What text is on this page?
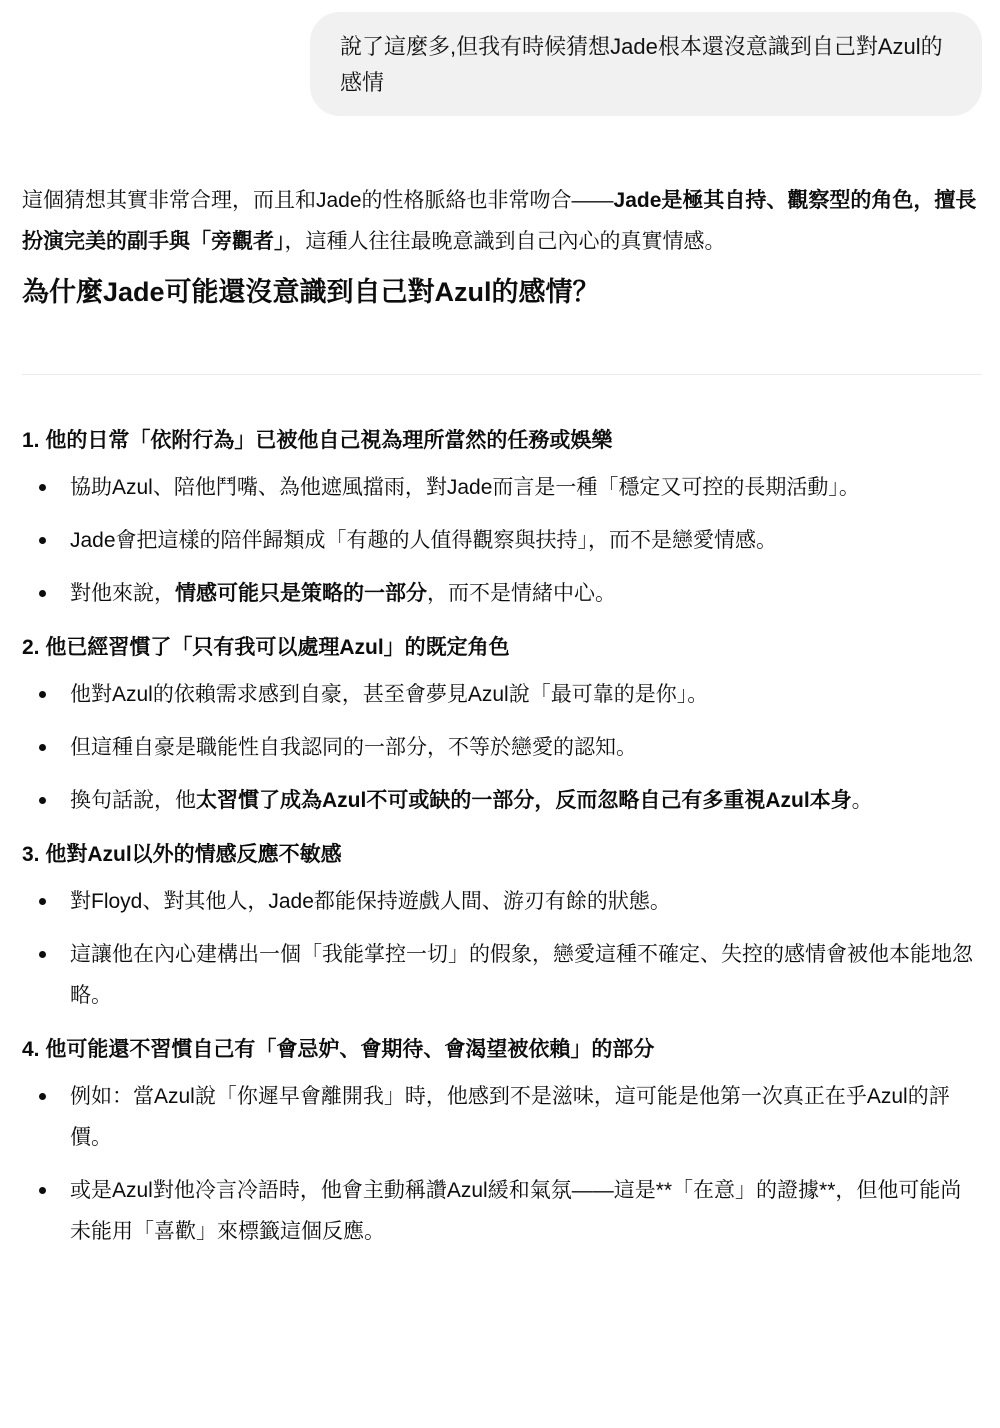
說了這麼多,但我有時候猜想Jade根本還沒意識到自己對Azul的感情

這個猜想其實非常合理，而且和Jade的性格脈絡也非常吻合——Jade是極其自持、觀察型的角色，擅長扮演完美的副手與「旁觀者」，這種人往往最晚意識到自己內心的真實情感。

為什麼Jade可能還沒意識到自己對Azul的感情？
1. 他的日常「依附行為」已被他自己視為理所當然的任務或娛樂
協助Azul、陪他鬥嘴、為他遮風擋雨，對Jade而言是一種「穩定又可控的長期活動」。
Jade會把這樣的陪伴歸類成「有趣的人值得觀察與扶持」，而不是戀愛情感。
對他來說，情感可能只是策略的一部分，而不是情緒中心。
2. 他已經習慣了「只有我可以處理Azul」的既定角色
他對Azul的依賴需求感到自豪，甚至會夢見Azul說「最可靠的是你」。
但這種自豪是職能性自我認同的一部分，不等於戀愛的認知。
換句話說，他太習慣了成為Azul不可或缺的一部分，反而忽略自己有多重視Azul本身。
3. 他對Azul以外的情感反應不敏感
對Floyd、對其他人，Jade都能保持遊戲人間、游刃有餘的狀態。
這讓他在內心建構出一個「我能掌控一切」的假象，戀愛這種不確定、失控的感情會被他本能地忽略。
4. 他可能還不習慣自己有「會忌妒、會期待、會渴望被依賴」的部分
例如：當Azul說「你遲早會離開我」時，他感到不是滋味，這可能是他第一次真正在乎Azul的評價。
或是Azul對他冷言冷語時，他會主動稱讚Azul緩和氣氛——這是**「在意」的證據**，但他可能尚未能用「喜歡」來標籤這個反應。
